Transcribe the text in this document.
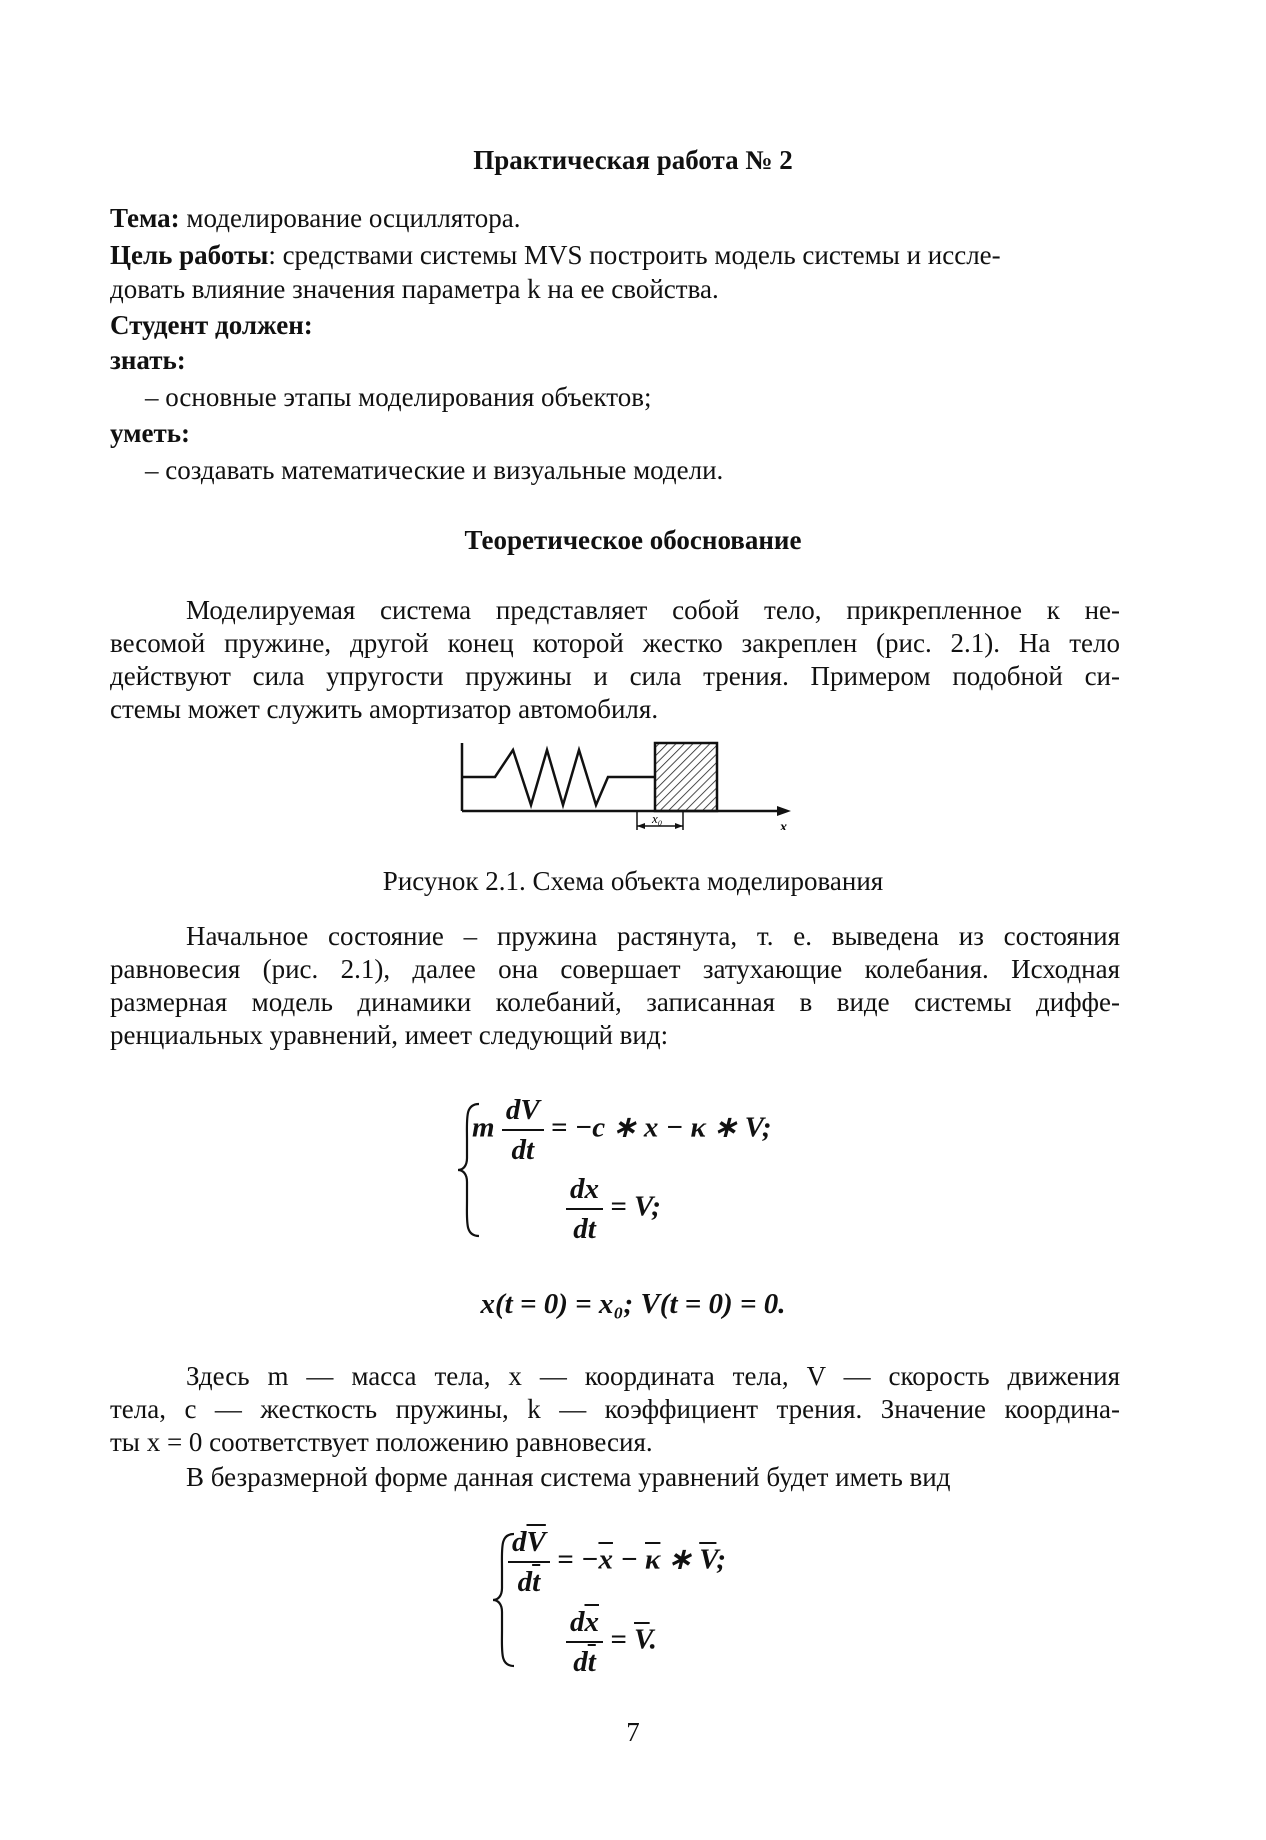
Практическая работа № 2
Тема: моделирование осциллятора.
Цель работы: средствами системы MVS построить модель системы и иссле-
довать влияние значения параметра k на ее свойства.
Студент должен:
знать:
– основные этапы моделирования объектов;
уметь:
– создавать математические и визуальные модели.
Теоретическое обоснование

Моделируемая система представляет собой тело, прикрепленное к не-

весомой пружине, другой конец которой жестко закреплен (рис. 2.1). На тело

действуют сила упругости пружины и сила трения. Примером подобной си-

стемы может служить амортизатор автомобиля.

x₀
x
Рисунок 2.1. Схема объекта моделирования

Начальное состояние – пружина растянута, т. е. выведена из состояния

равновесия (рис. 2.1), далее она совершает затухающие колебания. Исходная

размерная модель динамики колебаний, записанная в виде системы диффе-

ренциальных уравнений, имеет следующий вид:

m $\frac{dV}{dt} = -c$ ∗ x − κ ∗ V;
$\frac{dx}{dt} = V$;
x(t = 0) = x₀; V(t = 0) = 0.

Здесь m — масса тела, x — координата тела, V — скорость движения

тела, c — жесткость пружины, k — коэффициент трения. Значение координа-

ты x = 0 соответствует положению равновесия.

В безразмерной форме данная система уравнений будет иметь вид
$\frac{d\overline{V}}{d\overline{t}} = -\overline{x} - \overline{\kappa}$ ∗ $\overline{V}$;
$\frac{d\overline{x}}{d\overline{t}} = \overline{V}$.
7
